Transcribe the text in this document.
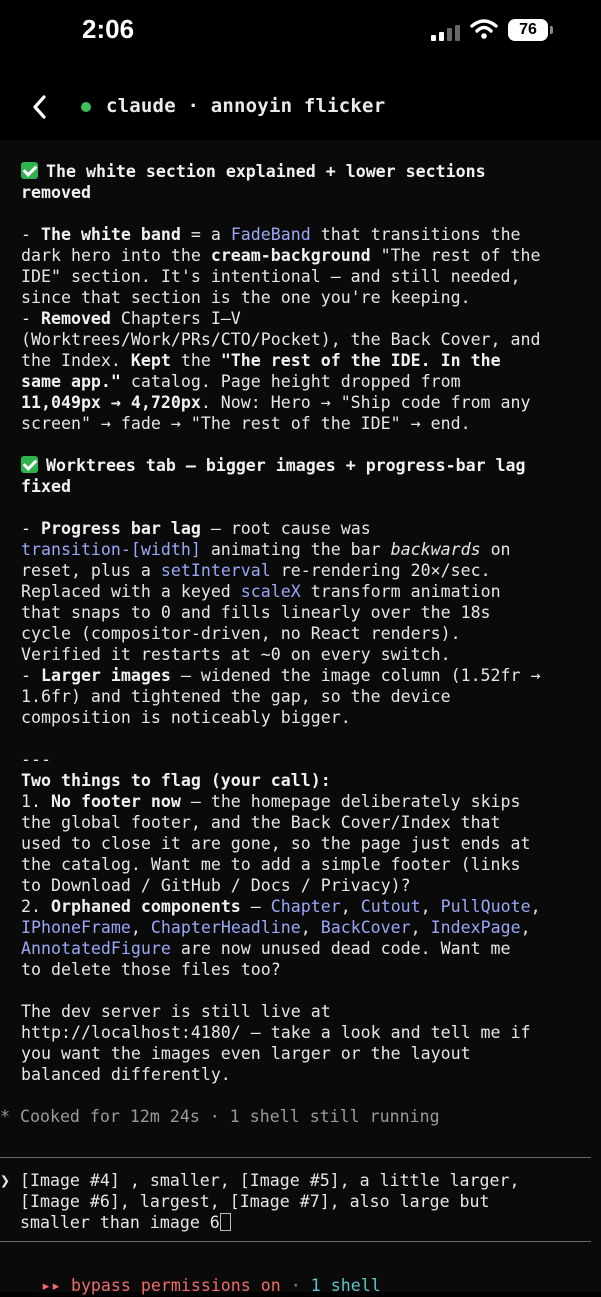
2:06	76
claude · annoyin flicker
The white section explained + lower sections
removed
- The white band = a FadeBand that transitions the
dark hero into the cream-background "The rest of the
IDE" section. It's intentional — and still needed,
since that section is the one you're keeping.
- Removed Chapters I–V
(Worktrees/Work/PRs/CTO/Pocket), the Back Cover, and
the Index. Kept the "The rest of the IDE. In the
same app." catalog. Page height dropped from
11,049px → 4,720px. Now: Hero → "Ship code from any
screen" → fade → "The rest of the IDE" → end.
Worktrees tab — bigger images + progress-bar lag
fixed
- Progress bar lag — root cause was
transition-[width] animating the bar backwards on
reset, plus a setInterval re-rendering 20×/sec.
Replaced with a keyed scaleX transform animation
that snaps to 0 and fills linearly over the 18s
cycle (compositor-driven, no React renders).
Verified it restarts at ~0 on every switch.
- Larger images — widened the image column (1.52fr →
1.6fr) and tightened the gap, so the device
composition is noticeably bigger.
---
Two things to flag (your call):
1. No footer now — the homepage deliberately skips
the global footer, and the Back Cover/Index that
used to close it are gone, so the page just ends at
the catalog. Want me to add a simple footer (links
to Download / GitHub / Docs / Privacy)?
2. Orphaned components — Chapter, Cutout, PullQuote,
IPhoneFrame, ChapterHeadline, BackCover, IndexPage,
AnnotatedFigure are now unused dead code. Want me
to delete those files too?
The dev server is still live at
http://localhost:4180/ — take a look and tell me if
you want the images even larger or the layout
balanced differently.
* Cooked for 12m 24s · 1 shell still running
❯ [Image #4] , smaller, [Image #5], a little larger,
[Image #6], largest, [Image #7], also large but
smaller than image 6

▸▸ bypass permissions on · 1 shell
